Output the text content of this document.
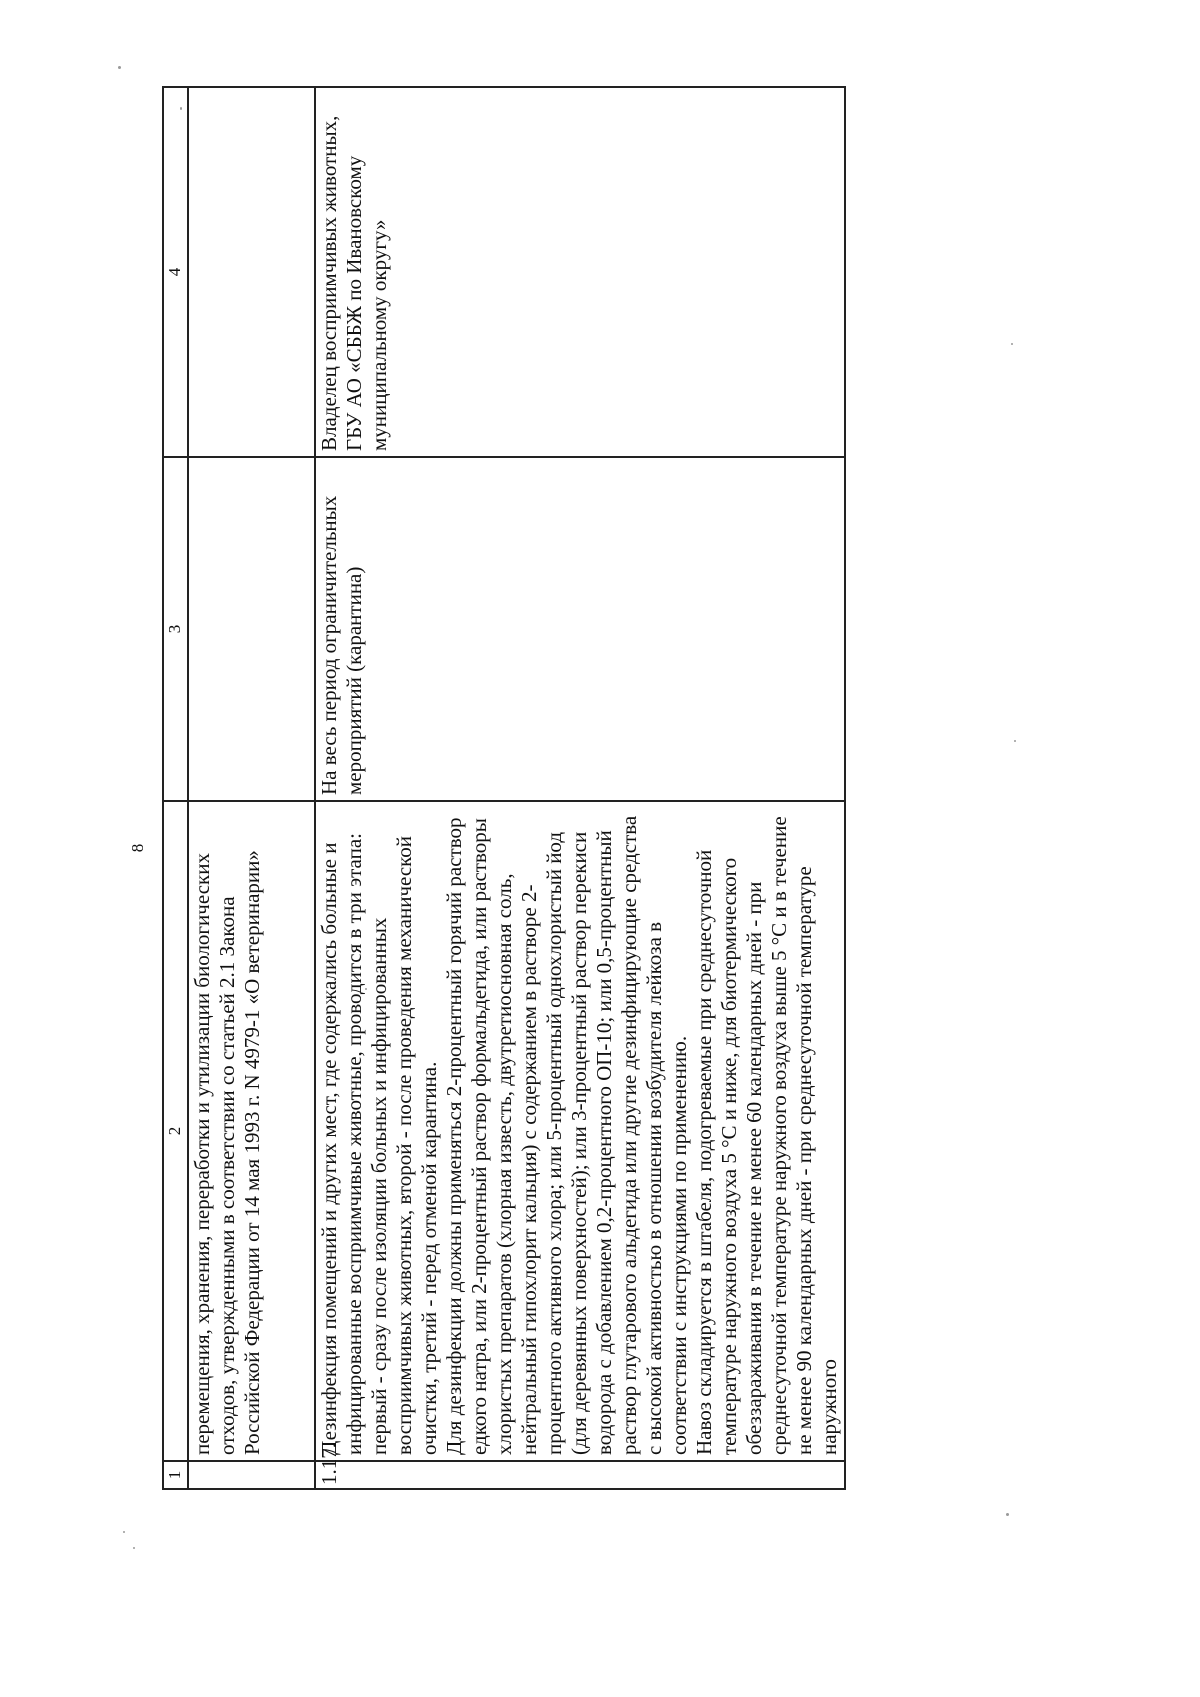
8
1	2	3	4

	перемещения, хранения, переработки и утилизации биологических отходов, утвержденными в соответствии со статьей 2.1 Закона Российской Федерации от 14 мая 1993 г. N 4979-1 «О ветеринарии»		

1.17.	Дезинфекция помещений и других мест, где содержались больные и инфицированные восприимчивые животные, проводится в три этапа: первый - сразу после изоляции больных и инфицированных восприимчивых животных, второй - после проведения механической очистки, третий - перед отменой карантина. Для дезинфекции должны применяться 2-процентный горячий раствор едкого натра, или 2-процентный раствор формальдегида, или растворы хлористых препаратов (хлорная известь, двутретиосновная соль, нейтральный гипохлорит кальция) с содержанием в растворе 2-процентного активного хлора; или 5-процентный однохлористый йод (для деревянных поверхностей); или 3-процентный раствор перекиси водорода с добавлением 0,2-процентного ОП-10; или 0,5-процентный раствор глутарового альдегида или другие дезинфицирующие средства с высокой активностью в отношении возбудителя лейкоза в соответствии с инструкциями по применению. Навоз складируется в штабеля, подогреваемые при среднесуточной температуре наружного воздуха 5 °С и ниже, для биотермического обеззараживания в течение не менее 60 календарных дней - при среднесуточной температуре наружного воздуха выше 5 °С и в течение не менее 90 календарных дней - при среднесуточной температуре наружного	На весь период ограничительных мероприятий (карантина)	Владелец восприимчивых животных, ГБУ АО «СББЖ по Ивановскому муниципальному округу»
